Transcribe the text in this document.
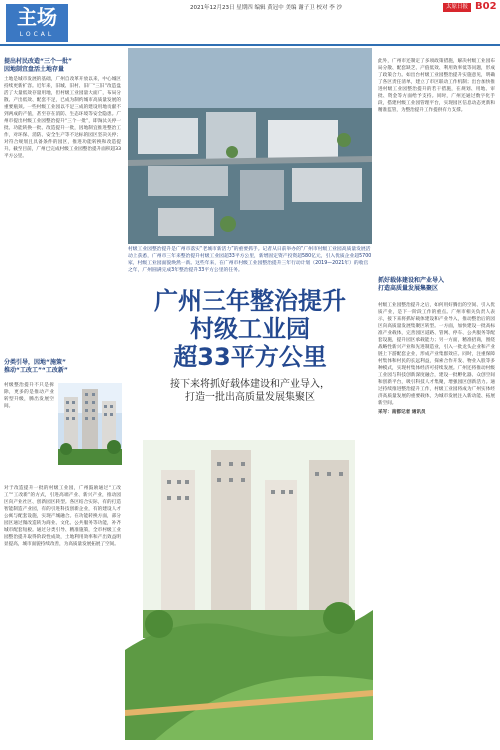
主场
LOCAL
2021年12月23日 星期四 编辑 黄冠中 美编 谢子卫 校对 李 沙	太原日报 B02
提出村民改造“三个一批”
因地制宜盘活土地存量
土地是城市发展的基础，广州自改革开放以来，中心城区持续更新扩容。近年来，旧城、旧村、旧厂“三旧”改造盘活了大量低效存量用地，但村级工业园量大面广，布局分散、产出低效、配套不足，已成为制约城市高质量发展的重要瓶颈。一些村级工业园以不足三成的建设用地贡献不到两成的产值，甚至存在消防、生态环境等安全隐患。广州市提出村级工业园整治提升“三个一批”，即淘汰关停一批、功能转换一批、改造提升一批，因地制宜推进整治工作，对环保、消防、安全生产等不达标的园区坚决关停；对符合规划且具备条件的园区，推进功能转换和改造提升。截至目前，广州已完成村级工业园整治提升面积超33平方公里。
分类引导，因地“施策”
推动“工改工”“工改新”
村级整治提升不只是拆除，更多的是推动产业转型升级，腾出发展空间。
对于改造提升一批的村级工业园，广州鼓励通过“工改工”“工改新”的方式，引进高端产业、新兴产业，推动园区向产业社区、创新园区转型。各区结合实际，有的打造智能制造产业园，有的引进科技创新企业，有的建设人才公寓与配套设施，实现产城融合。在功能转换方面，部分园区通过微改造转为商业、文化、公共服务等功能，补齐城市配套短板。通过分类引导、精准施策，全市村级工业园整治提升取得阶段性成效，土地利用效率和产出效益明显提高，城市面貌持续改善，为高质量发展拓展了空间。
村级工业园整治提升是广州市落实“老城市新活力”的重要抓手。记者从日前举办的“广州市村级工业园高质量发展活动上获悉，广州市三年来整治提升村级工业园超33平方公里，新增固定资产投资超580亿元，引入优质企业超5700家，村级工业园面貌焕然一新。这些年来，在广州市村级工业园整治提升三年行动计划（2019—2021年）的收官之年，广州圆满完成3年整治提升33平方公里的任务。
广州三年整治提升
村级工业园
超33平方公里
接下来将抓好载体建设和产业导入，
打造一批出高质量发展集聚区
此外，广州市还制定了多项政策措施，解决村级工业园布局分散、配套缺乏、产值低效、利用效率低等问题，形成了政策合力。如出台村级工业园整治提升实施意见，明确了各区责任清单，建立了市区联动工作机制；出台加快推进村级工业园整治提升的若干措施，在规划、用地、审批、资金等方面给予支持。同时，广州还通过数字化手段，搭建村级工业园管理平台，实现园区信息动态更新和精准监管，为整治提升工作提供有力支撑。
抓好载体建设和产业导入
打造高质量发展集聚区
村级工业园整治提升之后，如何用好腾出的空间、引入优质产业，是下一阶段工作的重点。广州市相关负责人表示，接下来将抓好载体建设和产业导入，推动整治后的园区向高质量发展集聚区转型。一方面，加快建设一批高标准产业载体，完善园区道路、管网、停车、公共服务等配套设施，提升园区承载能力；另一方面，精准招商，围绕战略性新兴产业和先进制造业，引入一批龙头企业和产业链上下游配套企业，形成产业集群效应。同时，注重保障村集体和村民的长远利益，探索合作开发、物业入股等多种模式，实现村集体经济可持续发展。广州还将推动村级工业园与科技创新深度融合，建设一批孵化器、众创空间和创新平台，吸引科技人才集聚，增强园区创新活力。通过持续推进整治提升工作，村级工业园将成为广州实体经济高质量发展的重要载体，为城市发展注入新动能、拓展新空间。
采写：南都记者 通讯员
